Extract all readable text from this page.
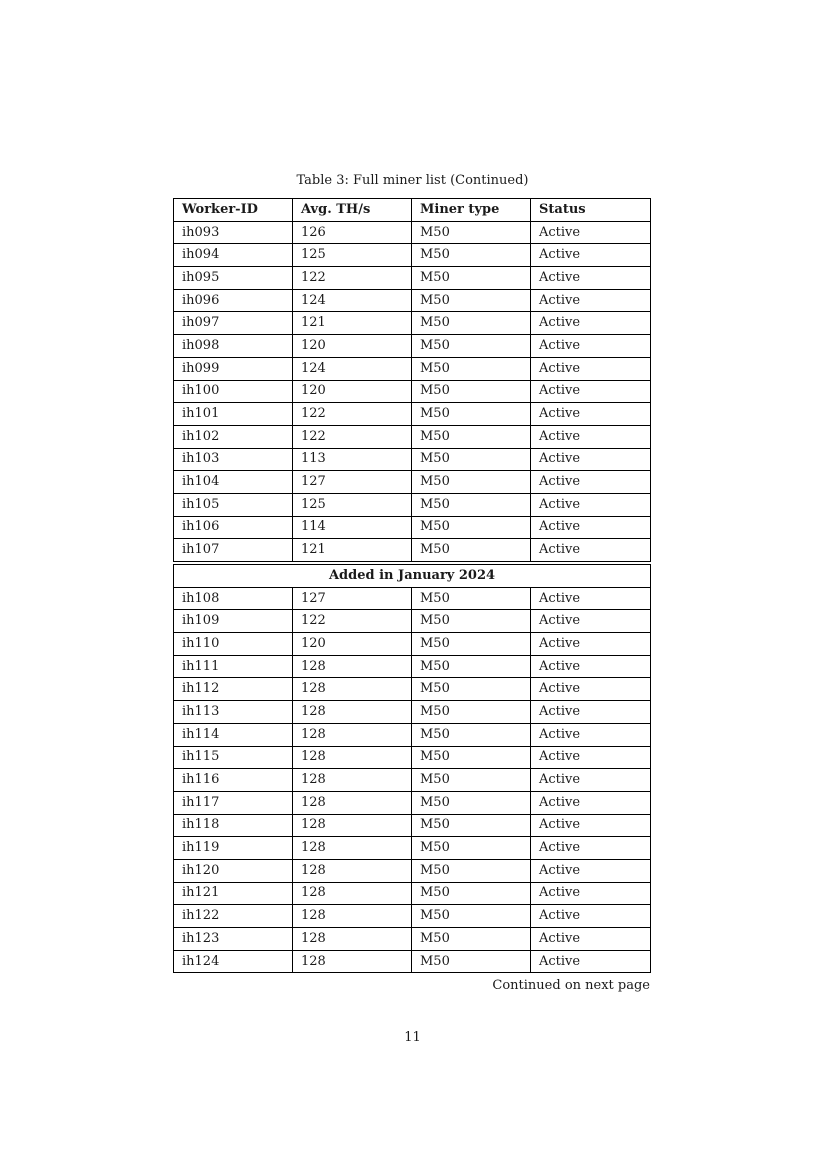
Table 3: Full miner list (Continued)
Worker-ID	Avg. TH/s	Miner type	Status
ih093	126	M50	Active
ih094	125	M50	Active
ih095	122	M50	Active
ih096	124	M50	Active
ih097	121	M50	Active
ih098	120	M50	Active
ih099	124	M50	Active
ih100	120	M50	Active
ih101	122	M50	Active
ih102	122	M50	Active
ih103	113	M50	Active
ih104	127	M50	Active
ih105	125	M50	Active
ih106	114	M50	Active
ih107	121	M50	Active
Added in January 2024			
ih108	127	M50	Active
ih109	122	M50	Active
ih110	120	M50	Active
ih111	128	M50	Active
ih112	128	M50	Active
ih113	128	M50	Active
ih114	128	M50	Active
ih115	128	M50	Active
ih116	128	M50	Active
ih117	128	M50	Active
ih118	128	M50	Active
ih119	128	M50	Active
ih120	128	M50	Active
ih121	128	M50	Active
ih122	128	M50	Active
ih123	128	M50	Active
ih124	128	M50	Active
Continued on next page
11
